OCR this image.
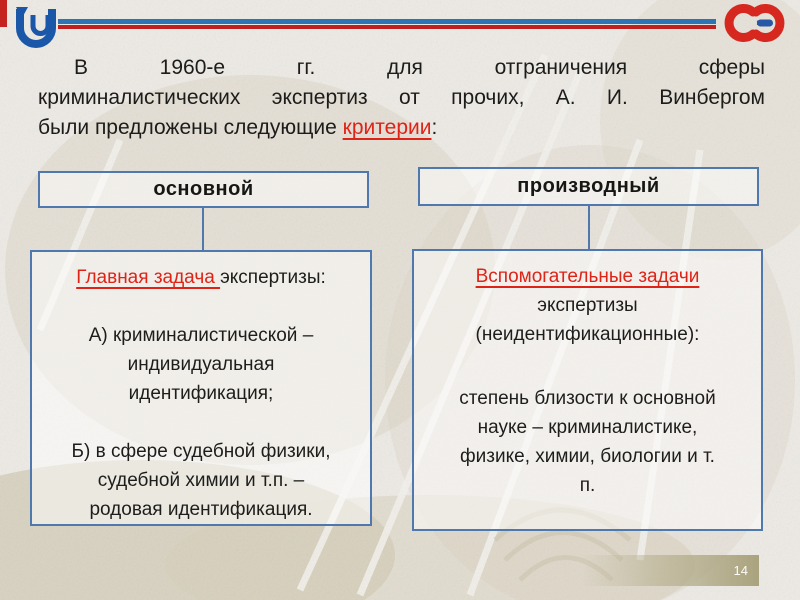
В 1960-е гг. для отграничения сферы
криминалистических экспертиз от прочих, А. И. Винбергом
были предложены следующие критерии:
основной	производный
Главная задача экспертизы:
А) криминалистической –
индивидуальная
идентификация;
Б) в сфере судебной физики,
судебной химии и т.п. –
родовая идентификация.
Вспомогательные задачи
экспертизы
(неидентификационные):
степень близости к основной
науке – криминалистике,
физике, химии, биологии и т.
п.
14
